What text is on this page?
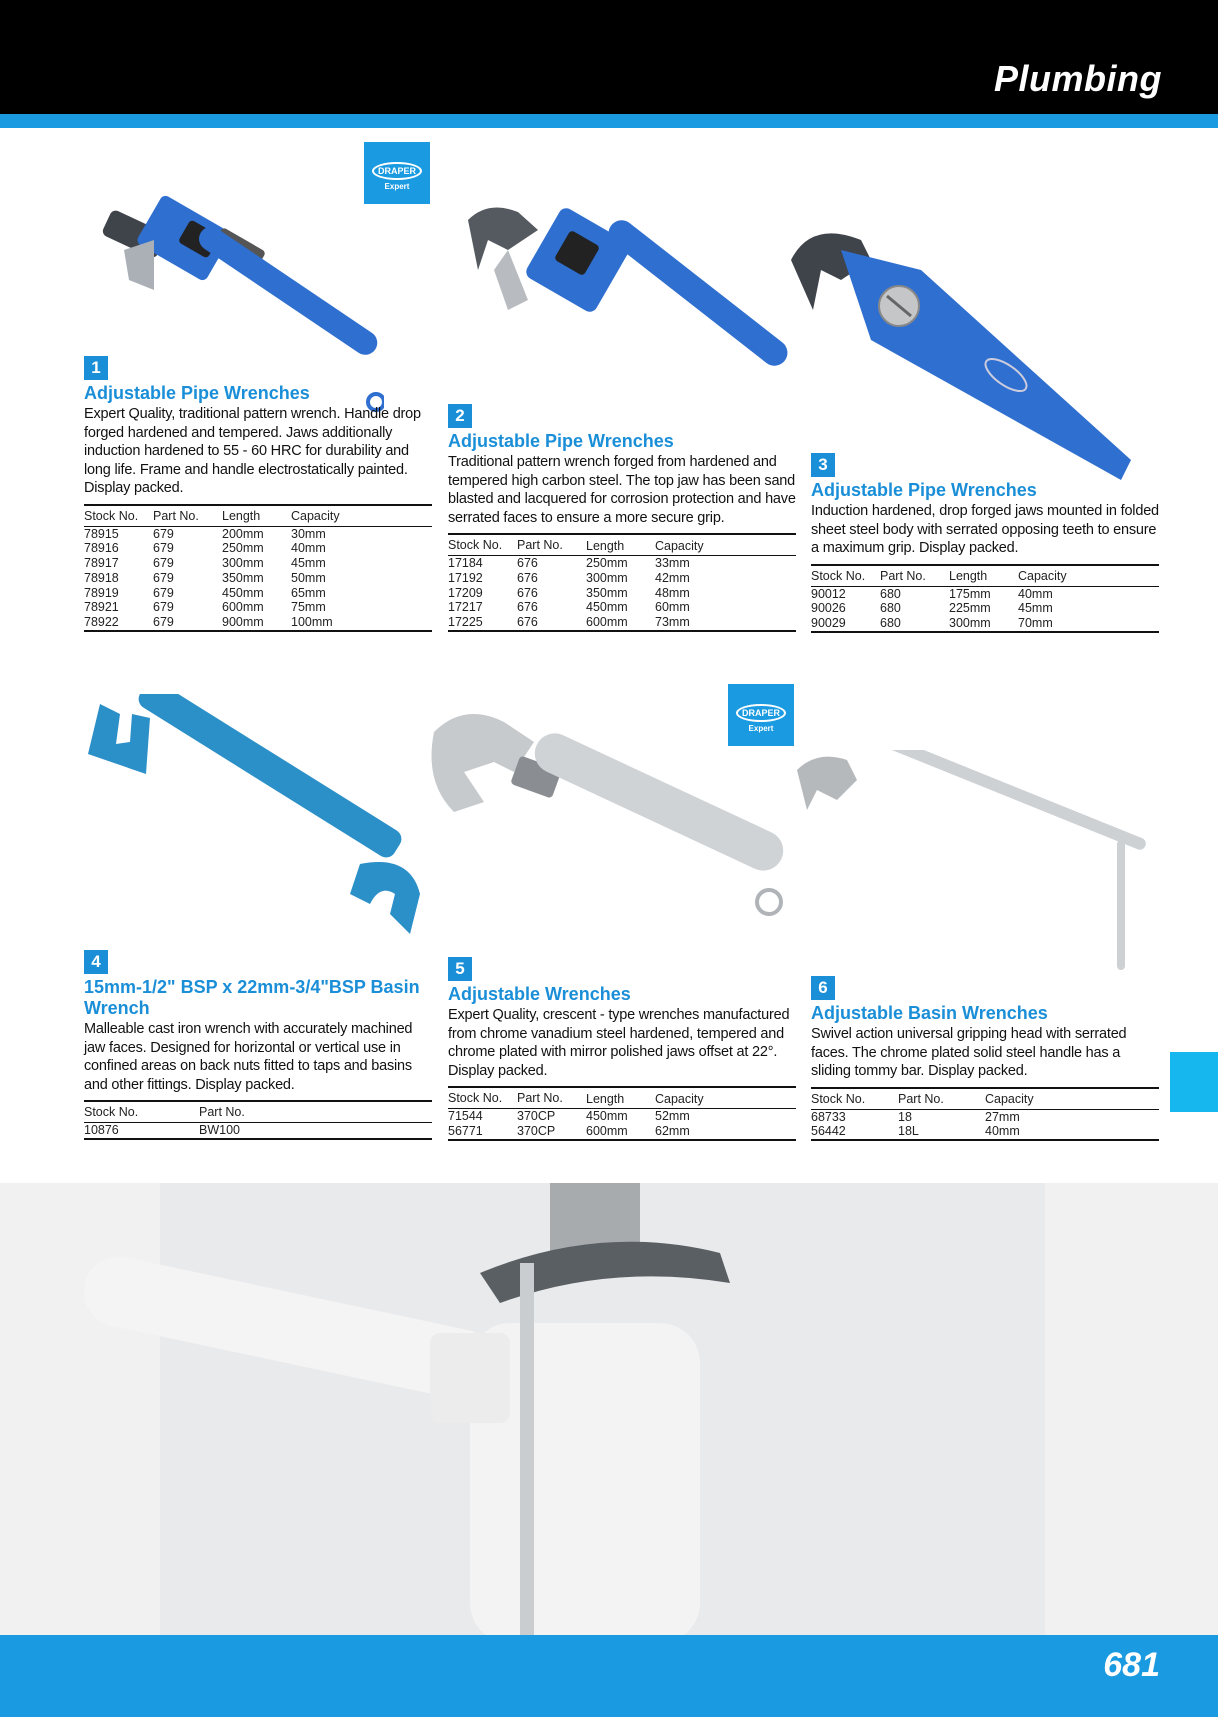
Plumbing
DRAPER
Expert
1
Adjustable Pipe Wrenches
Expert Quality, traditional pattern wrench. Handle drop forged hardened and tempered. Jaws additionally induction hardened to 55 - 60 HRC for durability and long life. Frame and handle electrostatically painted. Display packed.
Stock No.	Part No.	Length	Capacity
78915	679	200mm	30mm
78916	679	250mm	40mm
78917	679	300mm	45mm
78918	679	350mm	50mm
78919	679	450mm	65mm
78921	679	600mm	75mm
78922	679	900mm	100mm
2
Adjustable Pipe Wrenches
Traditional pattern wrench forged from hardened and tempered high carbon steel. The top jaw has been sand blasted and lacquered for corrosion protection and have serrated faces to ensure a more secure grip.
Stock No.	Part No.	Length	Capacity
17184	676	250mm	33mm
17192	676	300mm	42mm
17209	676	350mm	48mm
17217	676	450mm	60mm
17225	676	600mm	73mm
3
Adjustable Pipe Wrenches
Induction hardened, drop forged jaws mounted in folded sheet steel body with serrated opposing teeth to ensure a maximum grip. Display packed.
Stock No.	Part No.	Length	Capacity
90012	680	175mm	40mm
90026	680	225mm	45mm
90029	680	300mm	70mm
4
15mm-1/2" BSP x 22mm-3/4"BSP Basin Wrench
Malleable cast iron wrench with accurately machined jaw faces. Designed for horizontal or vertical use in confined areas on back nuts fitted to taps and basins and other fittings. Display packed.
Stock No.	Part No.
10876	BW100
DRAPER
Expert
5
Adjustable Wrenches
Expert Quality, crescent - type wrenches manufactured from chrome vanadium steel hardened, tempered and chrome plated with mirror polished jaws offset at 22°. Display packed.
Stock No.	Part No.	Length	Capacity
71544	370CP	450mm	52mm
56771	370CP	600mm	62mm
6
Adjustable Basin Wrenches
Swivel action universal gripping head with serrated faces. The chrome plated solid steel handle has a sliding tommy bar. Display packed.
Stock No.	Part No.	Capacity
68733	18	27mm
56442	18L	40mm
681
